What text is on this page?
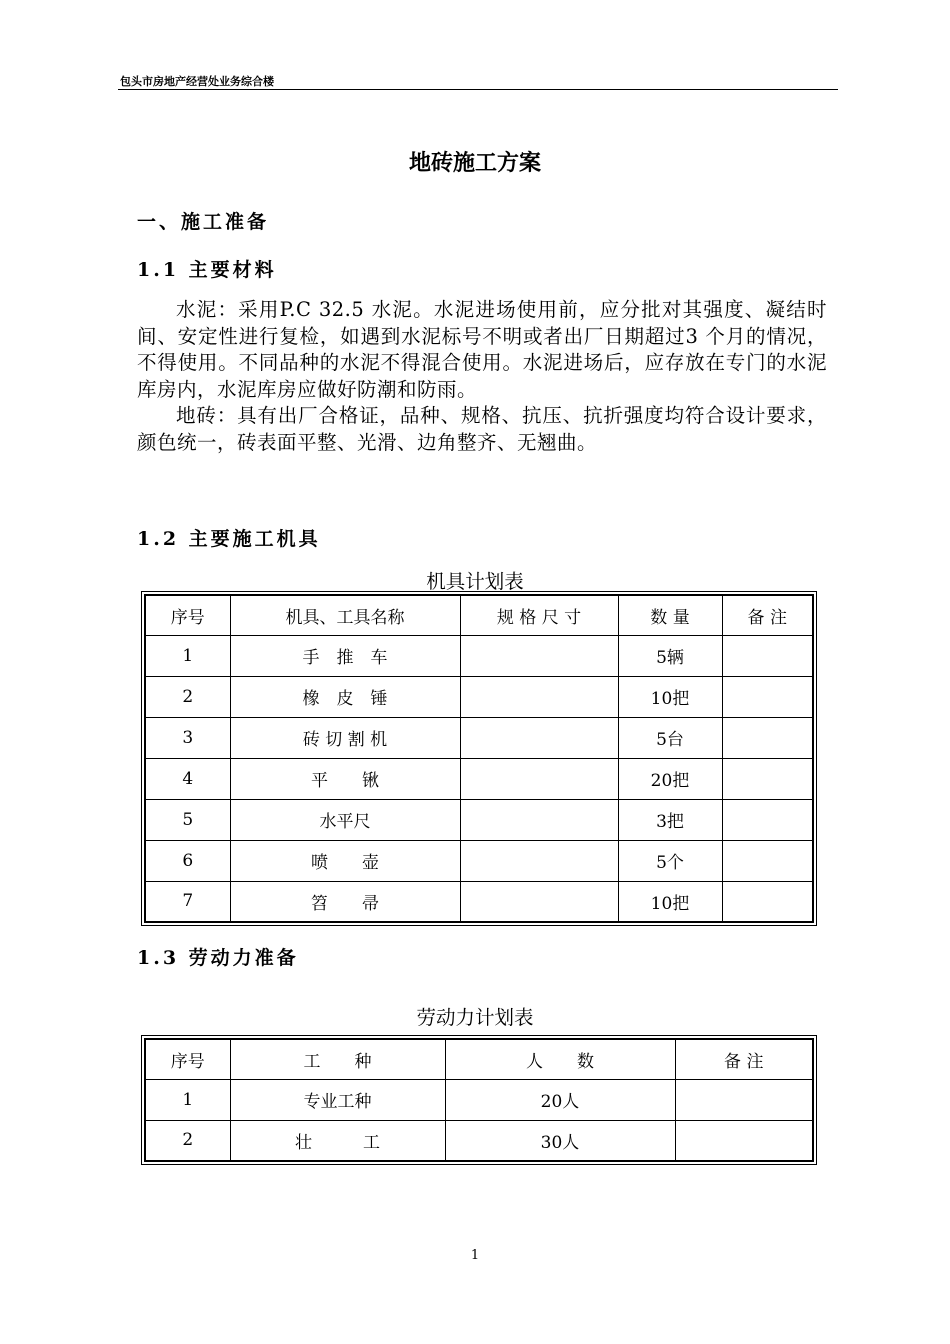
包头市房地产经营处业务综合楼
地砖施工方案
一、施工准备
1.1 主要材料

水泥：采用P.C 32.5 水泥。水泥进场使用前，应分批对其强度、凝结时间、安定性进行复检，如遇到水泥标号不明或者出厂日期超过3 个月的情况，不得使用。不同品种的水泥不得混合使用。水泥进场后，应存放在专门的水泥库房内，水泥库房应做好防潮和防雨。

地砖：具有出厂合格证，品种、规格、抗压、抗折强度均符合设计要求，颜色统一，砖表面平整、光滑、边角整齐、无翘曲。

1.2 主要施工机具
机具计划表
序号	机具、工具名称	规 格 尺 寸	数 量	备 注
1	手　推　车		5辆	
2	橡　皮　锤		10把	
3	砖 切 割 机		5台	
4	平　　锹		20把	
5	水平尺		3把	
6	喷　　壶		5个	
7	笤　　帚		10把	
1.3 劳动力准备
劳动力计划表
序号	工　　种	人　　数	备 注
1	专业工种	20人	
2	壮　　　工	30人	
1
